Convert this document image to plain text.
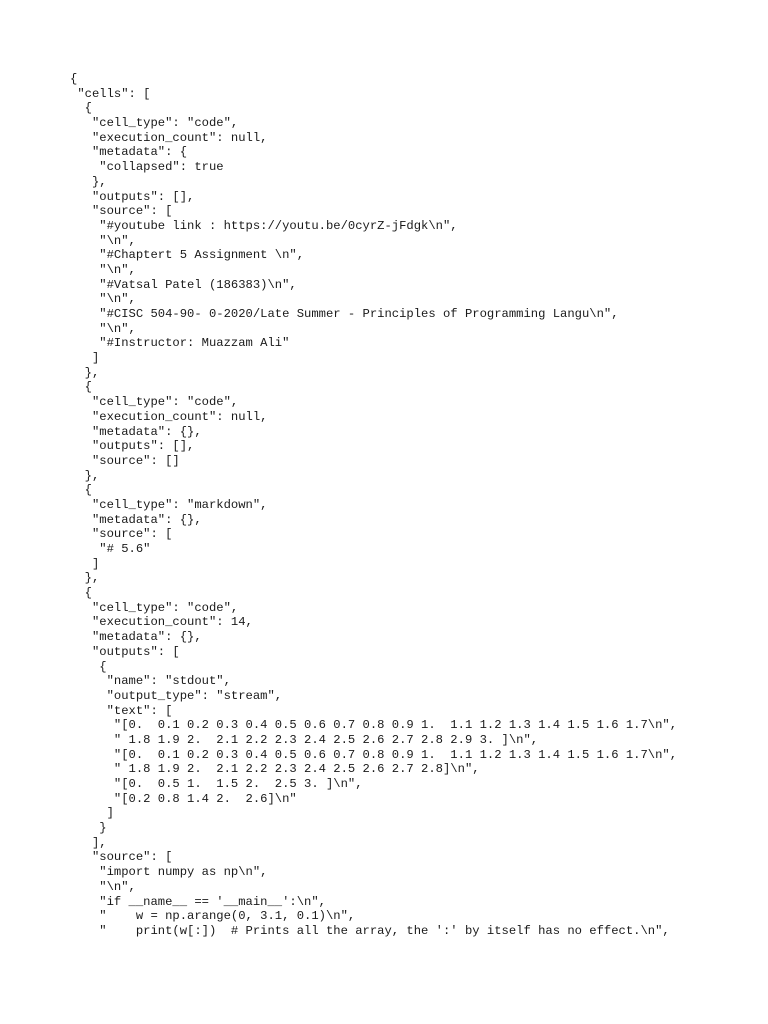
{
"cells": [
{
"cell_type": "code",
"execution_count": null,
"metadata": {
"collapsed": true
},
"outputs": [],
"source": [
"#youtube link : https://youtu.be/0cyrZ-jFdgk\n",
"\n",
"#Chaptert 5 Assignment \n",
"\n",
"#Vatsal Patel (186383)\n",
"\n",
"#CISC 504-90- 0-2020/Late Summer - Principles of Programming Langu\n",
"\n",
"#Instructor: Muazzam Ali"
]
},
{
"cell_type": "code",
"execution_count": null,
"metadata": {},
"outputs": [],
"source": []
},
{
"cell_type": "markdown",
"metadata": {},
"source": [
"# 5.6"
]
},
{
"cell_type": "code",
"execution_count": 14,
"metadata": {},
"outputs": [
{
"name": "stdout",
"output_type": "stream",
"text": [
"[0.  0.1 0.2 0.3 0.4 0.5 0.6 0.7 0.8 0.9 1.  1.1 1.2 1.3 1.4 1.5 1.6 1.7\n",
" 1.8 1.9 2.  2.1 2.2 2.3 2.4 2.5 2.6 2.7 2.8 2.9 3. ]\n",
"[0.  0.1 0.2 0.3 0.4 0.5 0.6 0.7 0.8 0.9 1.  1.1 1.2 1.3 1.4 1.5 1.6 1.7\n",
" 1.8 1.9 2.  2.1 2.2 2.3 2.4 2.5 2.6 2.7 2.8]\n",
"[0.  0.5 1.  1.5 2.  2.5 3. ]\n",
"[0.2 0.8 1.4 2.  2.6]\n"
]
}
],
"source": [
"import numpy as np\n",
"\n",
"if __name__ == '__main__':\n",
"    w = np.arange(0, 3.1, 0.1)\n",
"    print(w[:])  # Prints all the array, the ':' by itself has no effect.\n",
